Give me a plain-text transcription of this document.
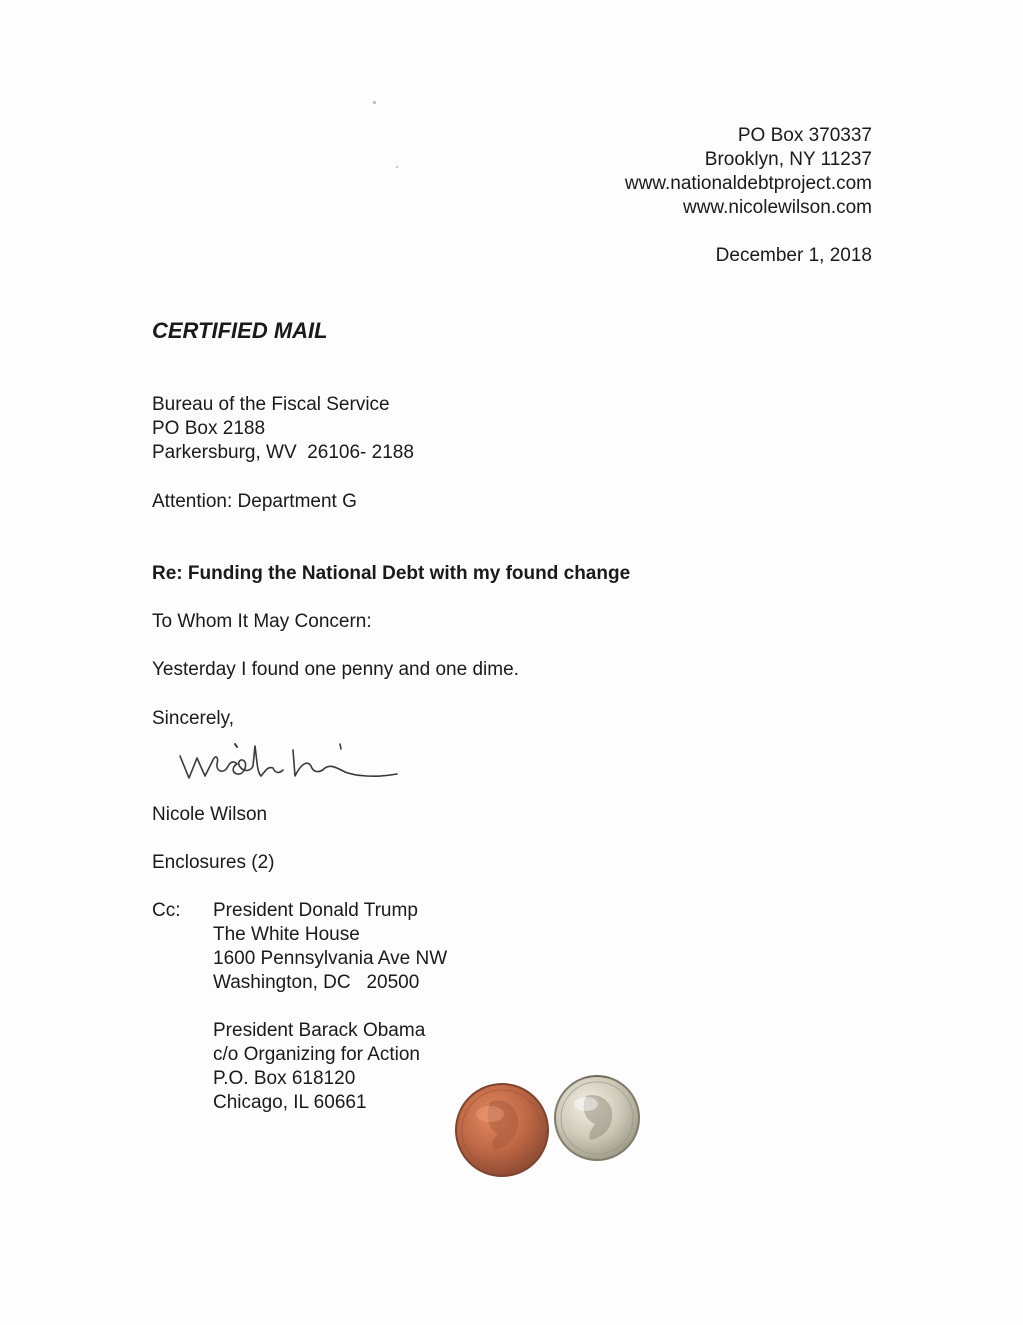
PO Box 370337
Brooklyn, NY 11237
www.nationaldebtproject.com
www.nicolewilson.com
December 1, 2018
CERTIFIED MAIL
Bureau of the Fiscal Service
PO Box 2188
Parkersburg, WV  26106- 2188
Attention: Department G
Re: Funding the National Debt with my found change
To Whom It May Concern:
Yesterday I found one penny and one dime.
Sincerely,
Nicole Wilson
Enclosures (2)
Cc: President Donald Trump
The White House
1600 Pennsylvania Ave NW
Washington, DC   20500
President Barack Obama
c/o Organizing for Action
P.O. Box 618120
Chicago, IL 60661
